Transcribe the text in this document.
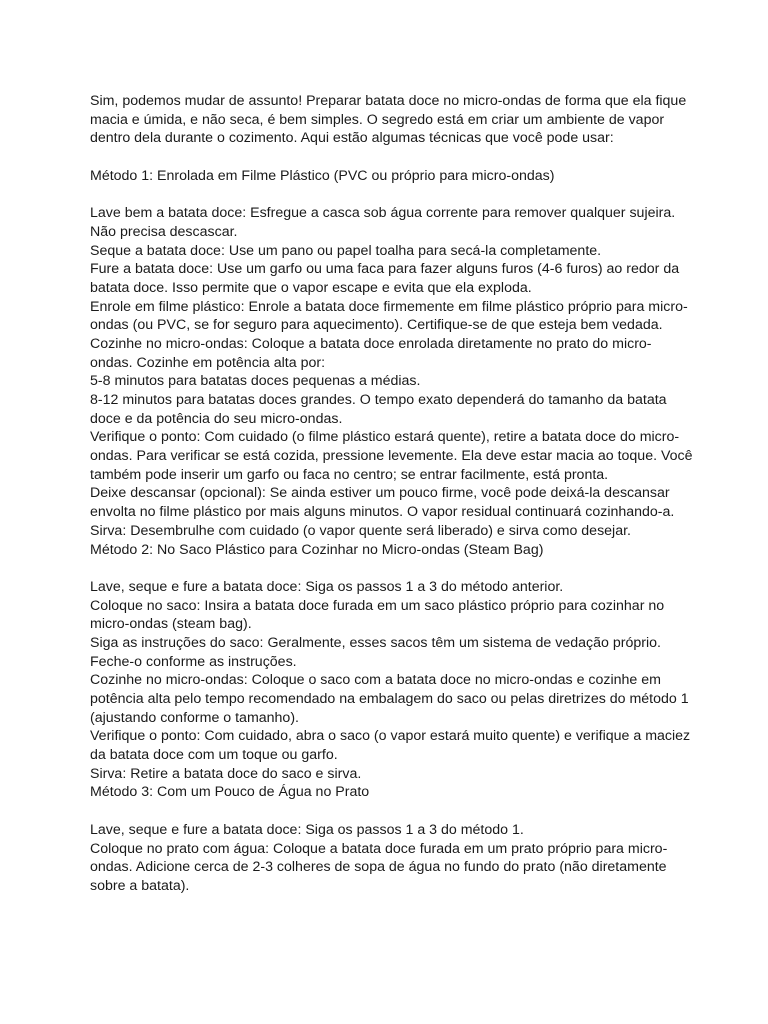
Sim, podemos mudar de assunto! Preparar batata doce no micro-ondas de forma que ela fique
macia e úmida, e não seca, é bem simples. O segredo está em criar um ambiente de vapor
dentro dela durante o cozimento. Aqui estão algumas técnicas que você pode usar:
Método 1: Enrolada em Filme Plástico (PVC ou próprio para micro-ondas)
Lave bem a batata doce: Esfregue a casca sob água corrente para remover qualquer sujeira.
Não precisa descascar.
Seque a batata doce: Use um pano ou papel toalha para secá-la completamente.
Fure a batata doce: Use um garfo ou uma faca para fazer alguns furos (4-6 furos) ao redor da
batata doce. Isso permite que o vapor escape e evita que ela exploda.
Enrole em filme plástico: Enrole a batata doce firmemente em filme plástico próprio para micro-
ondas (ou PVC, se for seguro para aquecimento). Certifique-se de que esteja bem vedada.
Cozinhe no micro-ondas: Coloque a batata doce enrolada diretamente no prato do micro-
ondas. Cozinhe em potência alta por:
5-8 minutos para batatas doces pequenas a médias.
8-12 minutos para batatas doces grandes. O tempo exato dependerá do tamanho da batata
doce e da potência do seu micro-ondas.
Verifique o ponto: Com cuidado (o filme plástico estará quente), retire a batata doce do micro-
ondas. Para verificar se está cozida, pressione levemente. Ela deve estar macia ao toque. Você
também pode inserir um garfo ou faca no centro; se entrar facilmente, está pronta.
Deixe descansar (opcional): Se ainda estiver um pouco firme, você pode deixá-la descansar
envolta no filme plástico por mais alguns minutos. O vapor residual continuará cozinhando-a.
Sirva: Desembrulhe com cuidado (o vapor quente será liberado) e sirva como desejar.
Método 2: No Saco Plástico para Cozinhar no Micro-ondas (Steam Bag)
Lave, seque e fure a batata doce: Siga os passos 1 a 3 do método anterior.
Coloque no saco: Insira a batata doce furada em um saco plástico próprio para cozinhar no
micro-ondas (steam bag).
Siga as instruções do saco: Geralmente, esses sacos têm um sistema de vedação próprio.
Feche-o conforme as instruções.
Cozinhe no micro-ondas: Coloque o saco com a batata doce no micro-ondas e cozinhe em
potência alta pelo tempo recomendado na embalagem do saco ou pelas diretrizes do método 1
(ajustando conforme o tamanho).
Verifique o ponto: Com cuidado, abra o saco (o vapor estará muito quente) e verifique a maciez
da batata doce com um toque ou garfo.
Sirva: Retire a batata doce do saco e sirva.
Método 3: Com um Pouco de Água no Prato
Lave, seque e fure a batata doce: Siga os passos 1 a 3 do método 1.
Coloque no prato com água: Coloque a batata doce furada em um prato próprio para micro-
ondas. Adicione cerca de 2-3 colheres de sopa de água no fundo do prato (não diretamente
sobre a batata).
